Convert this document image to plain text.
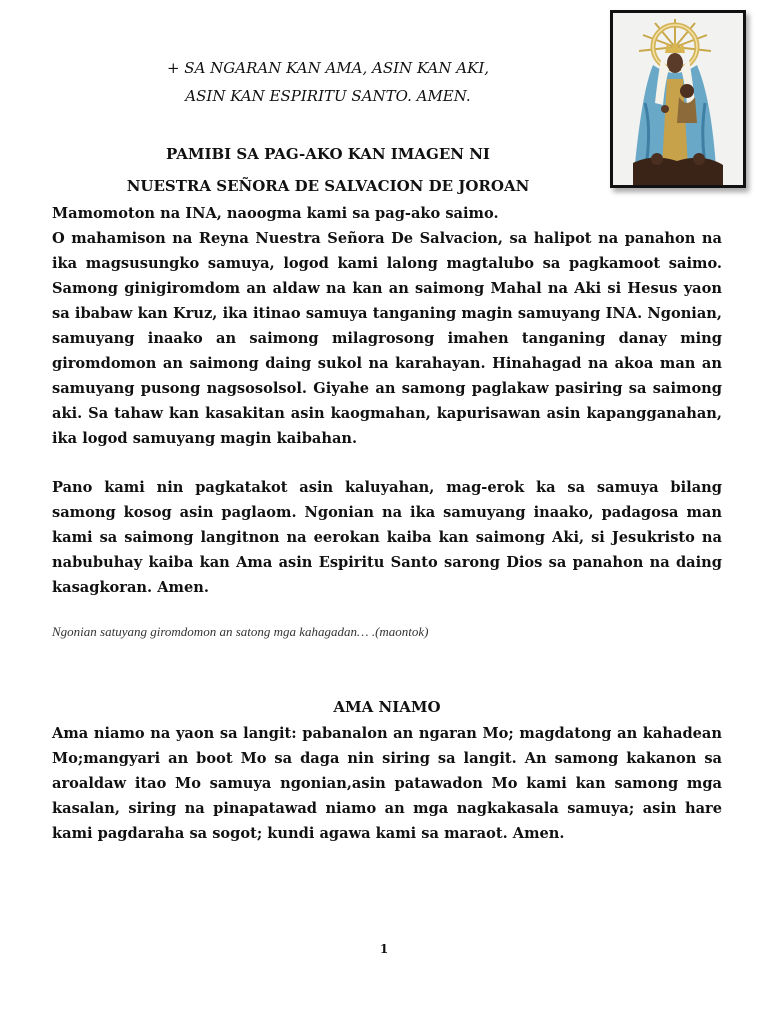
+ SA NGARAN KAN AMA, ASIN KAN AKI,
ASIN KAN ESPIRITU SANTO. AMEN.
PAMIBI SA PAG-AKO KAN IMAGEN NI
NUESTRA SEÑORA DE SALVACION DE JOROAN

Mamomoton na INA, naoogma kami sa pag-ako saimo.

O mahamison na Reyna Nuestra Señora De Salvacion, sa halipot na panahon na ika magsusungko samuya, logod kami lalong magtalubo sa pagkamoot saimo. Samong ginigiromdom an aldaw na kan an saimong Mahal na Aki si Hesus yaon sa ibabaw kan Kruz, ika itinao samuya tanganing magin samuyang INA. Ngonian, samuyang inaako an saimong milagrosong imahen tanganing danay ming giromdomon an saimong daing sukol na karahayan. Hinahagad na akoa man an samuyang pusong nagsosolsol. Giyahe an samong paglakaw pasiring sa saimong aki. Sa tahaw kan kasakitan asin kaogmahan, kapurisawan asin kapangganahan, ika logod samuyang magin kaibahan.

Pano kami nin pagkatakot asin kaluyahan, mag-erok ka sa samuya bilang samong kosog asin paglaom. Ngonian na ika samuyang inaako, padagosa man kami sa saimong langitnon na eerokan kaiba kan saimong Aki, si Jesukristo na nabubuhay kaiba kan Ama asin Espiritu Santo sarong Dios sa panahon na daing kasagkoran. Amen.

Ngonian satuyang giromdomon an satong mga kahagadan… .(maontok)
AMA NIAMO

Ama niamo na yaon sa langit: pabanalon an ngaran Mo; magdatong an kahadean Mo;mangyari an boot Mo sa daga nin siring sa langit. An samong kakanon sa aroaldaw itao Mo samuya ngonian,asin patawadon Mo kami kan samong mga kasalan, siring na pinapatawad niamo an mga nagkakasala samuya; asin hare kami pagdaraha sa sogot; kundi agawa kami sa maraot. Amen.

1
